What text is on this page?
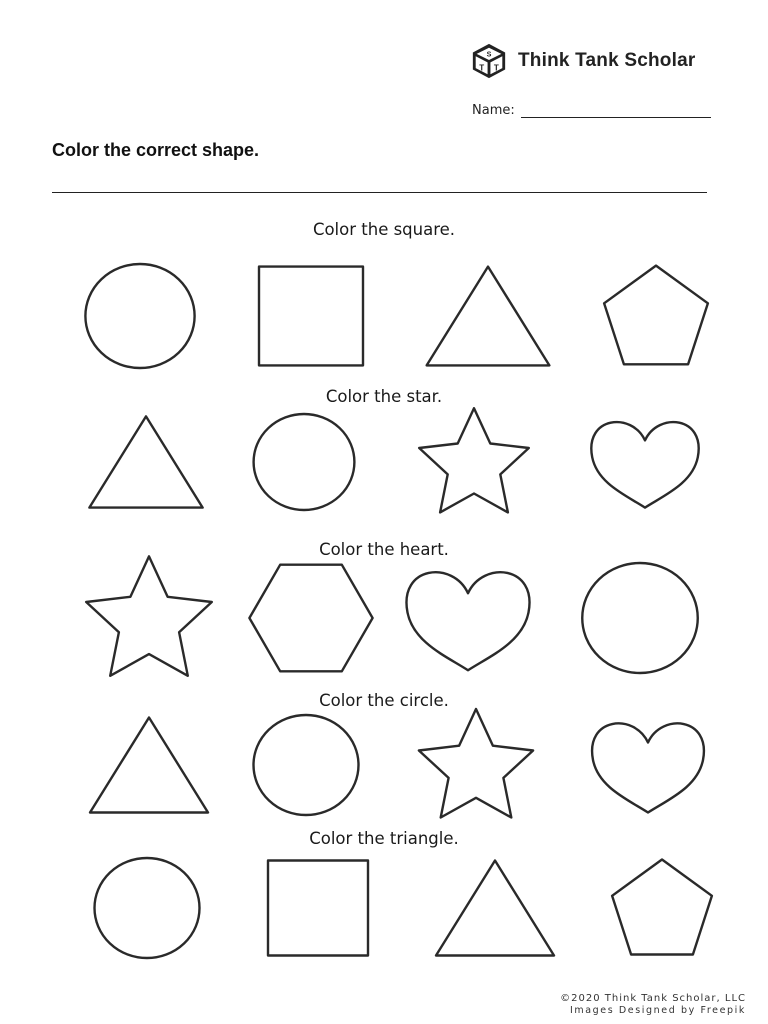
S
T T Think Tank Scholar
Name:
Color the correct shape.
Color the square.
Color the star.
Color the heart.
Color the circle.
Color the triangle.
©2020 Think Tank Scholar, LLC
Images Designed by Freepik
